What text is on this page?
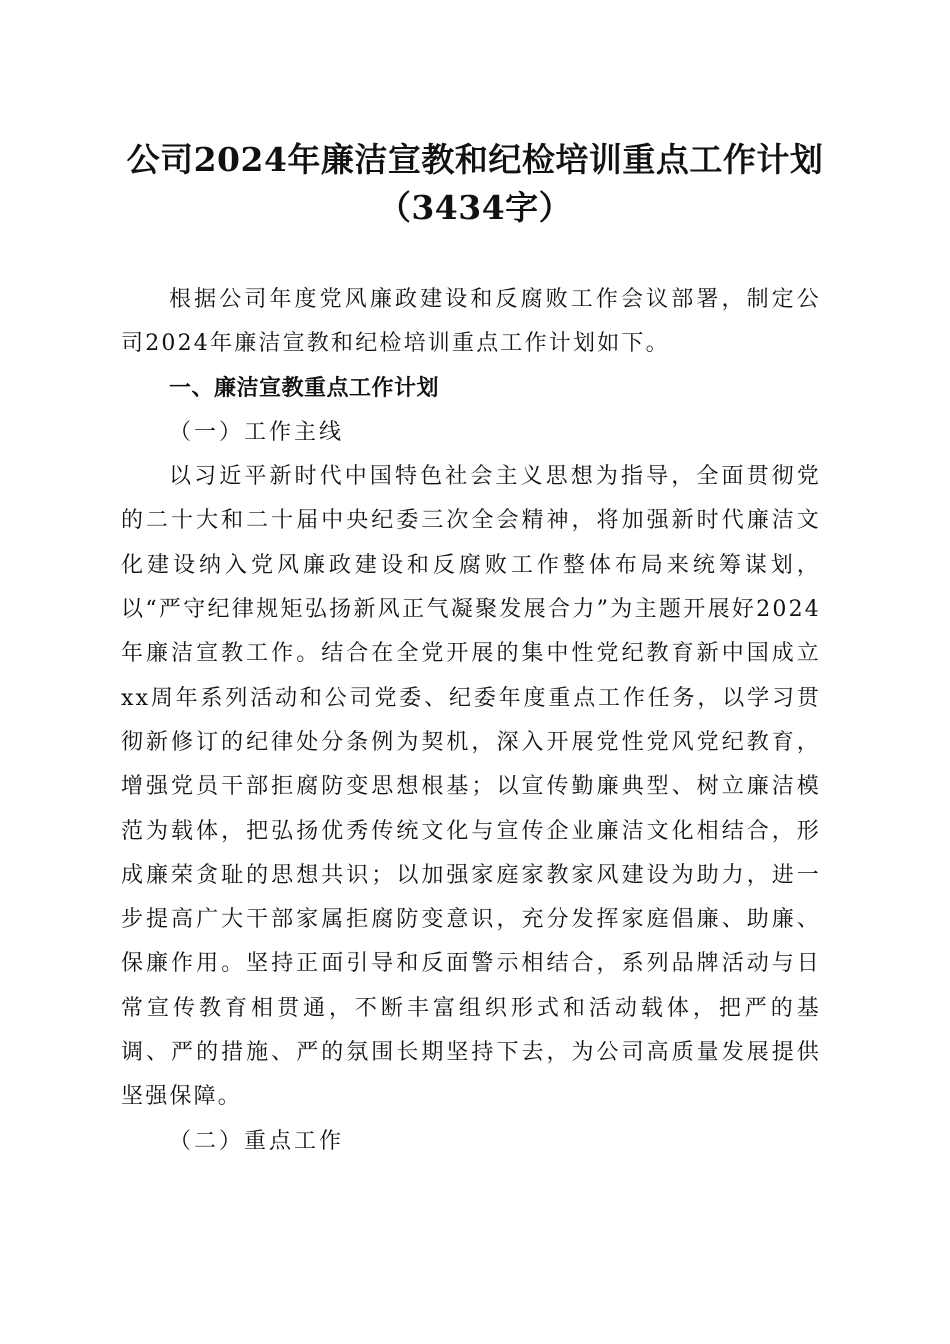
公司2024年廉洁宣教和纪检培训重点工作计划（3434字）

根据公司年度党风廉政建设和反腐败工作会议部署，制定公司2024年廉洁宣教和纪检培训重点工作计划如下。

一、廉洁宣教重点工作计划

（一）工作主线

以习近平新时代中国特色社会主义思想为指导，全面贯彻党的二十大和二十届中央纪委三次全会精神，将加强新时代廉洁文化建设纳入党风廉政建设和反腐败工作整体布局来统筹谋划，以“严守纪律规矩弘扬新风正气凝聚发展合力”为主题开展好2024年廉洁宣教工作。结合在全党开展的集中性党纪教育新中国成立xx周年系列活动和公司党委、纪委年度重点工作任务，以学习贯彻新修订的纪律处分条例为契机，深入开展党性党风党纪教育，增强党员干部拒腐防变思想根基；以宣传勤廉典型、树立廉洁模范为载体，把弘扬优秀传统文化与宣传企业廉洁文化相结合，形成廉荣贪耻的思想共识；以加强家庭家教家风建设为助力，进一步提高广大干部家属拒腐防变意识，充分发挥家庭倡廉、助廉、保廉作用。坚持正面引导和反面警示相结合，系列品牌活动与日常宣传教育相贯通，不断丰富组织形式和活动载体，把严的基调、严的措施、严的氛围长期坚持下去，为公司高质量发展提供坚强保障。

（二）重点工作
